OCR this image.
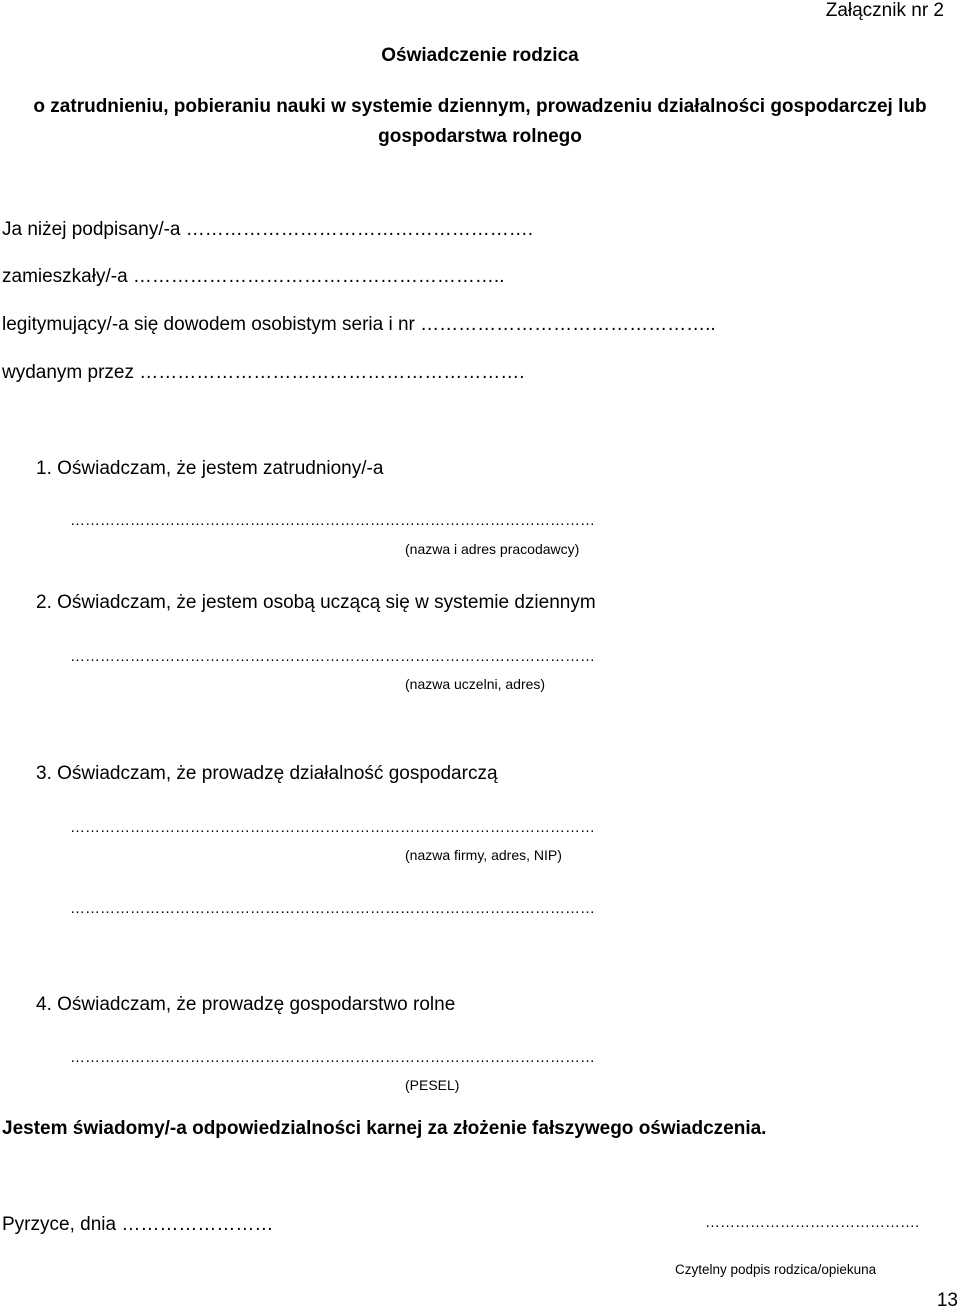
Załącznik nr 2
Oświadczenie rodzica
o zatrudnieniu, pobieraniu nauki w systemie dziennym, prowadzeniu działalności gospodarczej lub gospodarstwa rolnego
Ja niżej podpisany/-a ……………………………………………….
zamieszkały/-a …………………………………………………..
legitymujący/-a się dowodem osobistym seria i nr ………………………………………..
wydanym przez …………………………………………………….
1. Oświadczam, że jestem zatrudniony/-a
……………………………………………………………………………………………
(nazwa i adres pracodawcy)
2. Oświadczam, że jestem osobą uczącą się w systemie dziennym
……………………………………………………………………………………………
(nazwa uczelni, adres)
3. Oświadczam, że prowadzę działalność gospodarczą
……………………………………………………………………………………………
(nazwa firmy, adres, NIP)
……………………………………………………………………………………………
4. Oświadczam, że prowadzę gospodarstwo rolne
……………………………………………………………………………………………
(PESEL)
Jestem świadomy/-a odpowiedzialności karnej za złożenie fałszywego oświadczenia.
Pyrzyce, dnia ……………………	…………………………………….
Czytelny podpis rodzica/opiekuna
13
